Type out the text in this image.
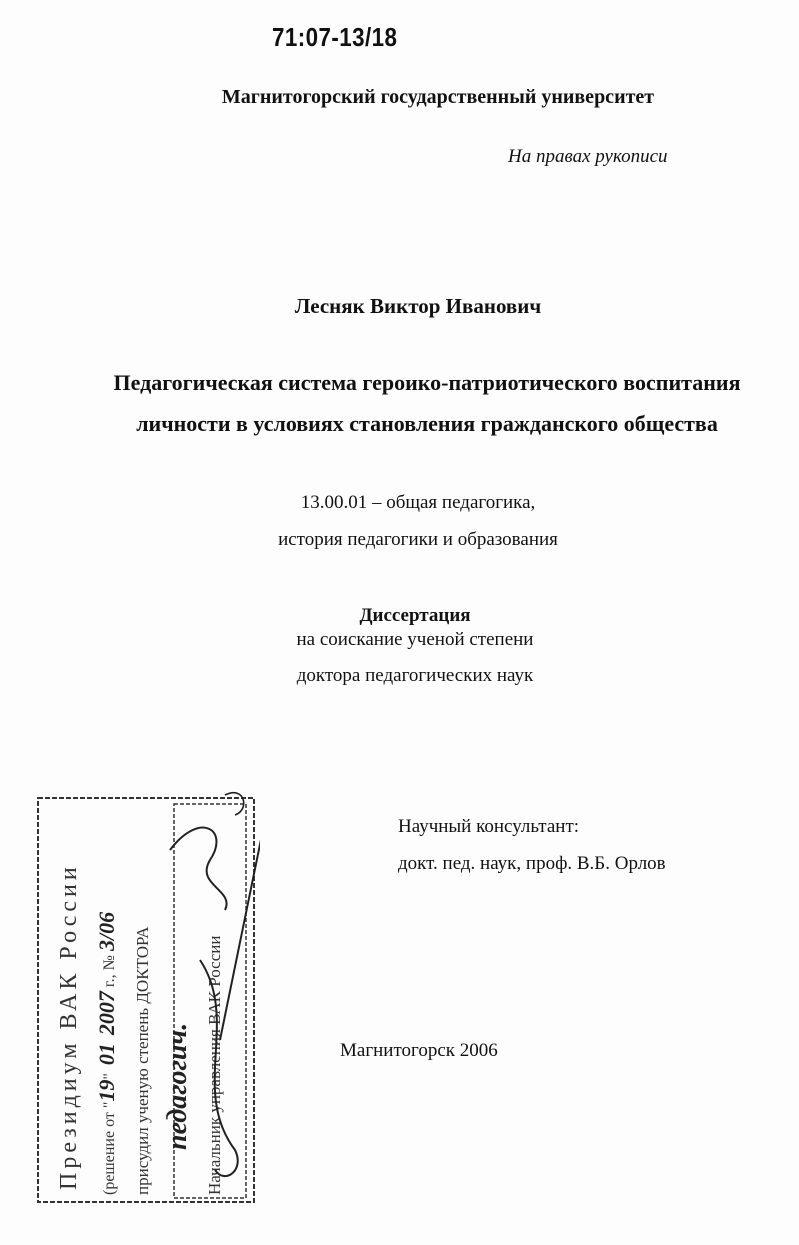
71:07-13/18
Магнитогорский государственный университет
На правах рукописи
Лесняк Виктор Иванович
Педагогическая система героико-патриотического воспитания
личности в условиях становления гражданского общества
13.00.01 – общая педагогика,
история педагогики и образования
Диссертация
на соискание ученой степени
доктора педагогических наук
Научный консультант:
докт. пед. наук, проф. В.Б. Орлов
Магнитогорск 2006
Президиум ВАК России	(решение от "19"012007г., №3/06 присудил ученую степень ДОКТОРА педагогич. Начальник управления ВАК России
